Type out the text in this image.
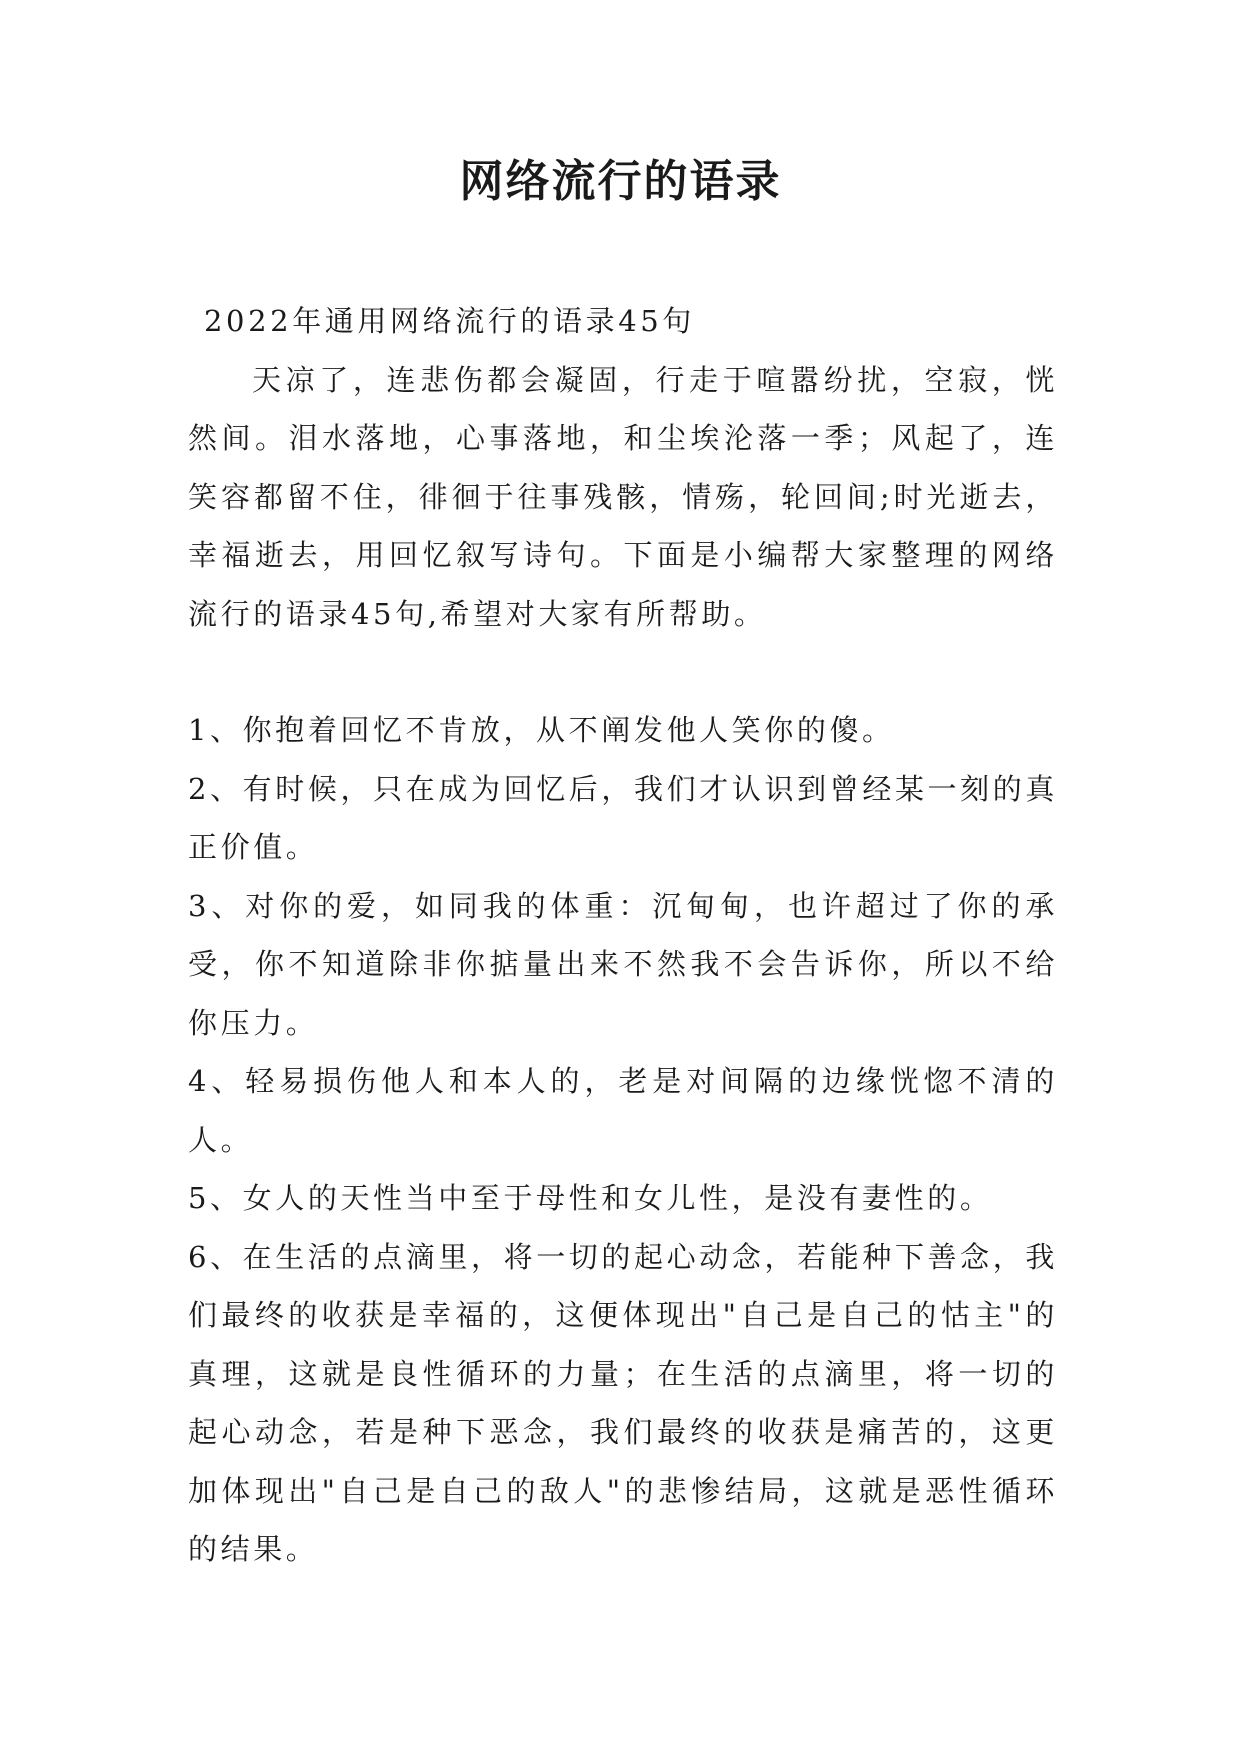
网络流行的语录

2022年通用网络流行的语录45句

天凉了，连悲伤都会凝固，行走于喧嚣纷扰，空寂，恍然间。泪水落地，心事落地，和尘埃沦落一季；风起了，连笑容都留不住，徘徊于往事残骸，情殇，轮回间;时光逝去，幸福逝去，用回忆叙写诗句。下面是小编帮大家整理的网络流行的语录45句,希望对大家有所帮助。

1、你抱着回忆不肯放，从不阐发他人笑你的傻。
2、有时候，只在成为回忆后，我们才认识到曾经某一刻的真正价值。
3、对你的爱，如同我的体重：沉甸甸，也许超过了你的承受，你不知道除非你掂量出来不然我不会告诉你，所以不给你压力。
4、轻易损伤他人和本人的，老是对间隔的边缘恍惚不清的人。
5、女人的天性当中至于母性和女儿性，是没有妻性的。
6、在生活的点滴里，将一切的起心动念，若能种下善念，我们最终的收获是幸福的，这便体现出"自己是自己的怙主"的真理，这就是良性循环的力量；在生活的点滴里，将一切的起心动念，若是种下恶念，我们最终的收获是痛苦的，这更加体现出"自己是自己的敌人"的悲惨结局，这就是恶性循环的结果。
